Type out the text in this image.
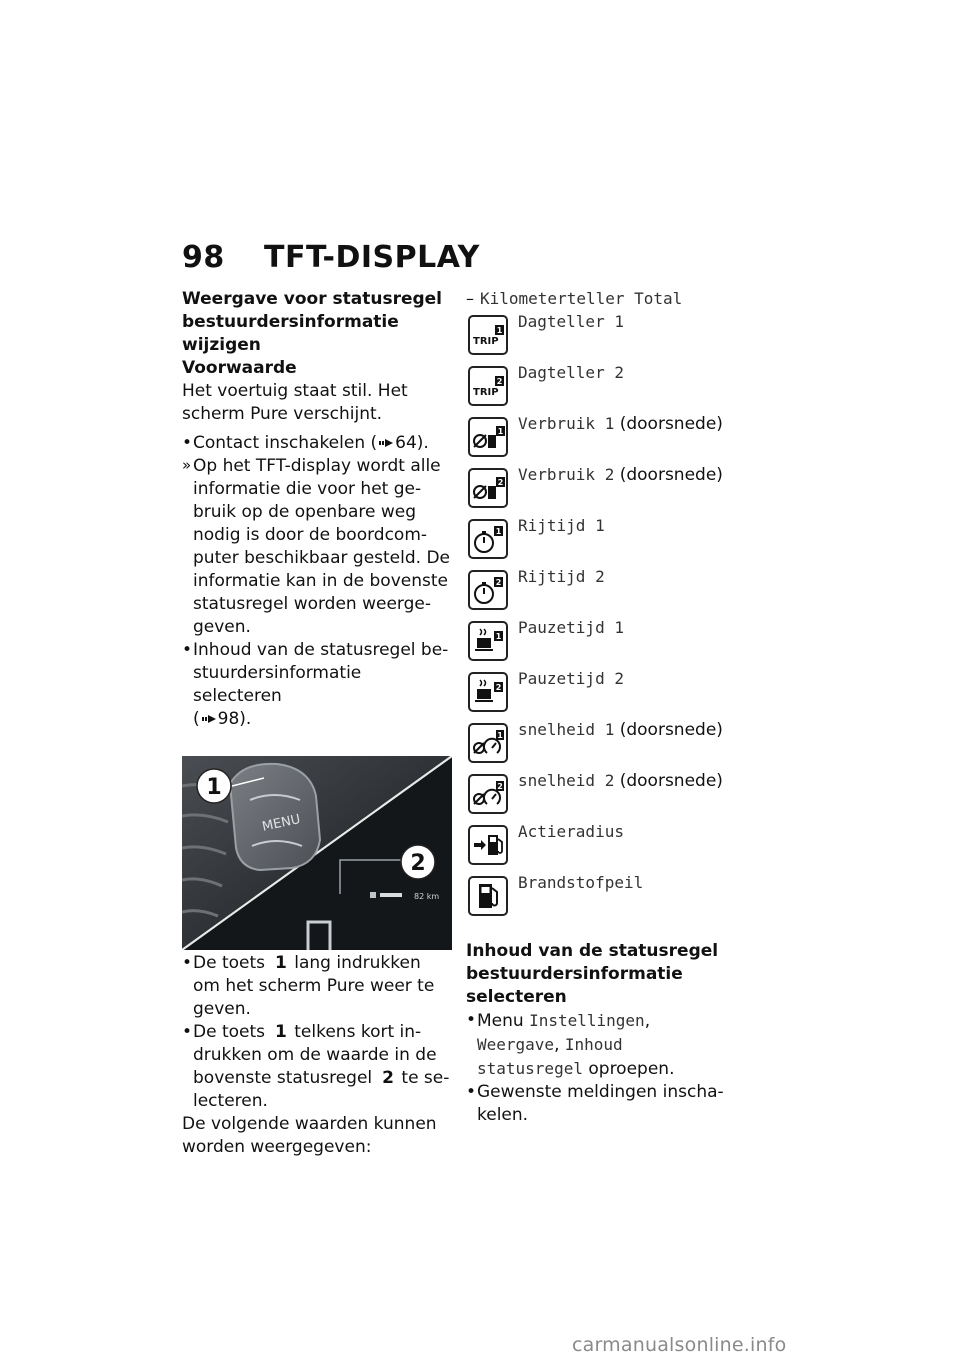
98 TFT-DISPLAY
Weergave voor statusregel
bestuurdersinformatie
wijzigen
Voorwaarde
Het voertuig staat stil. Het
scherm Pure verschijnt.
• Contact inschakelen ( 64).
» Op het TFT-display wordt alle
informatie die voor het ge-
bruik op de openbare weg
nodig is door de boordcom-
puter beschikbaar gesteld. De
informatie kan in de bovenste
statusregel worden weerge-
geven.
• Inhoud van de statusregel be-
stuurdersinformatie selecteren
( 98).
MENU
82 km
1
2
• De toets 1 lang indrukken
om het scherm Pure weer te
geven.
• De toets 1 telkens kort in-
drukken om de waarde in de
bovenste statusregel 2 te se-
lecteren.
De volgende waarden kunnen
worden weergegeven:
– Kilometerteller Total
TRIP
1 Dagteller 1
TRIP
2 Dagteller 2
1 Verbruik 1 (doorsnede)
2 Verbruik 2 (doorsnede)
1 Rijtijd 1
2 Rijtijd 2
1 Pauzetijd 1
2 Pauzetijd 2
1 snelheid 1 (doorsnede)
2 snelheid 2 (doorsnede)
Actieradius
Brandstofpeil
Inhoud van de statusregel
bestuurdersinformatie
selecteren
• Menu Instellingen,
Weergave, Inhoud
statusregel oproepen.
• Gewenste meldingen inscha-
kelen.
carmanualsonline.info
